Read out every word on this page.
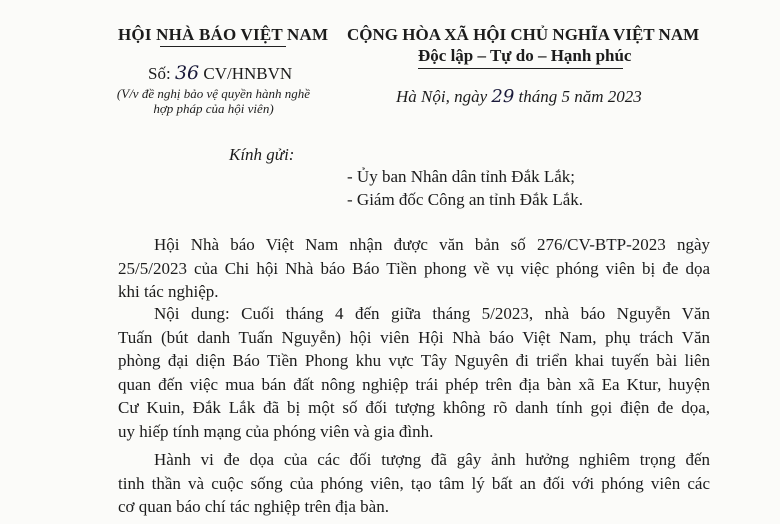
HỘI NHÀ BÁO VIỆT NAM CỘNG HÒA XÃ HỘI CHỦ NGHĨA VIỆT NAM
Độc lập – Tự do – Hạnh phúc
Số: 36 CV/HNBVN
(V/v đề nghị bảo vệ quyền hành nghề
hợp pháp của hội viên)
Hà Nội, ngày 29 tháng 5 năm 2023
Kính gửi:
- Ủy ban Nhân dân tỉnh Đắk Lắk;
- Giám đốc Công an tỉnh Đắk Lắk.
Hội Nhà báo Việt Nam nhận được văn bản số 276/CV-BTP-2023 ngày
25/5/2023 của Chi hội Nhà báo Báo Tiền phong về vụ việc phóng viên bị đe dọa
khi tác nghiệp.
Nội dung: Cuối tháng 4 đến giữa tháng 5/2023, nhà báo Nguyễn Văn
Tuấn (bút danh Tuấn Nguyễn) hội viên Hội Nhà báo Việt Nam, phụ trách Văn
phòng đại diện Báo Tiền Phong khu vực Tây Nguyên đi triển khai tuyến bài liên
quan đến việc mua bán đất nông nghiệp trái phép trên địa bàn xã Ea Ktur, huyện
Cư Kuin, Đắk Lắk đã bị một số đối tượng không rõ danh tính gọi điện đe dọa,
uy hiếp tính mạng của phóng viên và gia đình.
Hành vi đe dọa của các đối tượng đã gây ảnh hưởng nghiêm trọng đến
tinh thần và cuộc sống của phóng viên, tạo tâm lý bất an đối với phóng viên các
cơ quan báo chí tác nghiệp trên địa bàn.
